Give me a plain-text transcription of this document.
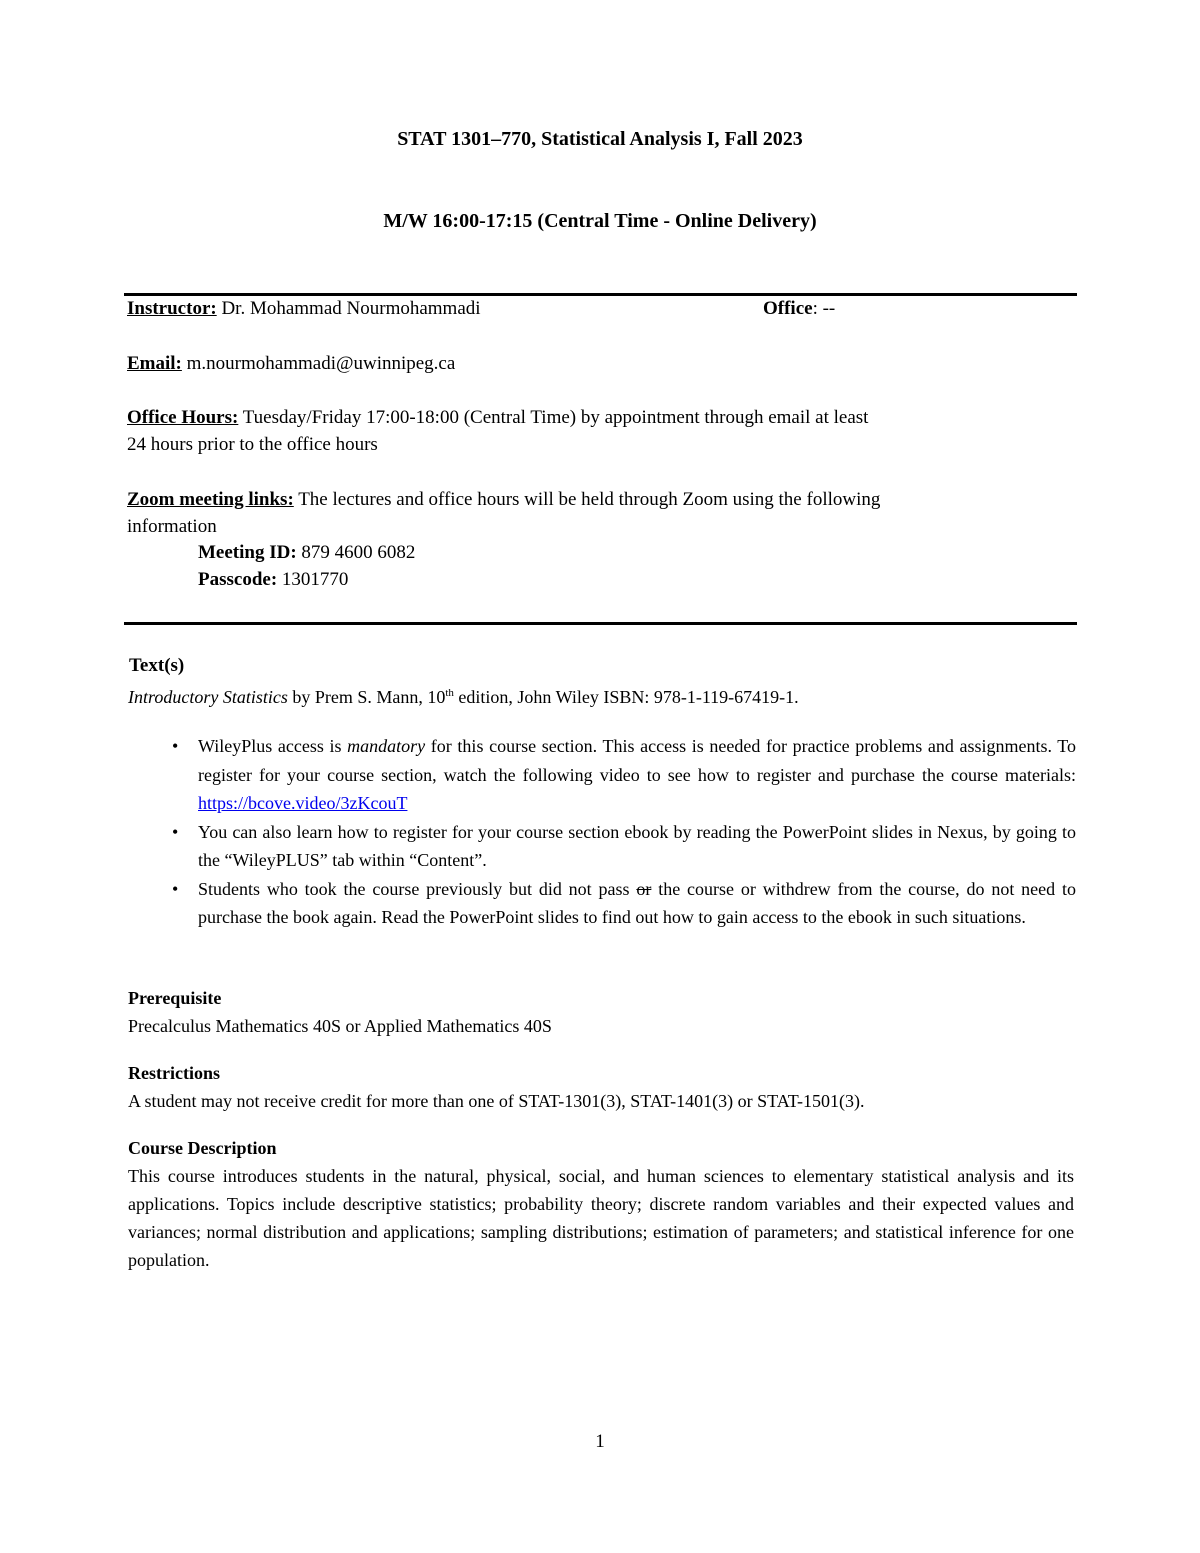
STAT 1301–770, Statistical Analysis I, Fall 2023
M/W 16:00-17:15 (Central Time - Online Delivery)
Instructor: Dr. Mohammad Nourmohammadi	Office: --
Email: m.nourmohammadi@uwinnipeg.ca
Office Hours: Tuesday/Friday 17:00-18:00 (Central Time) by appointment through email at least
24 hours prior to the office hours
Zoom meeting links: The lectures and office hours will be held through Zoom using the following
information
Meeting ID: 879 4600 6082
Passcode: 1301770
Text(s)
Introductory Statistics by Prem S. Mann, 10th edition, John Wiley ISBN: 978-1-119-67419-1.
• WileyPlus access is mandatory for this course section. This access is needed for practice problems and assignments. To register for your course section, watch the following video to see how to register and purchase the course materials: https://bcove.video/3zKcouT
• You can also learn how to register for your course section ebook by reading the PowerPoint slides in Nexus, by going to the “WileyPLUS” tab within “Content”.
• Students who took the course previously but did not pass or the course or withdrew from the course, do not need to purchase the book again. Read the PowerPoint slides to find out how to gain access to the ebook in such situations.
Prerequisite
Precalculus Mathematics 40S or Applied Mathematics 40S
Restrictions
A student may not receive credit for more than one of STAT-1301(3), STAT-1401(3) or STAT-1501(3).
Course Description
This course introduces students in the natural, physical, social, and human sciences to elementary statistical analysis and its applications. Topics include descriptive statistics; probability theory; discrete random variables and their expected values and variances; normal distribution and applications; sampling distributions; estimation of parameters; and statistical inference for one population.
1
